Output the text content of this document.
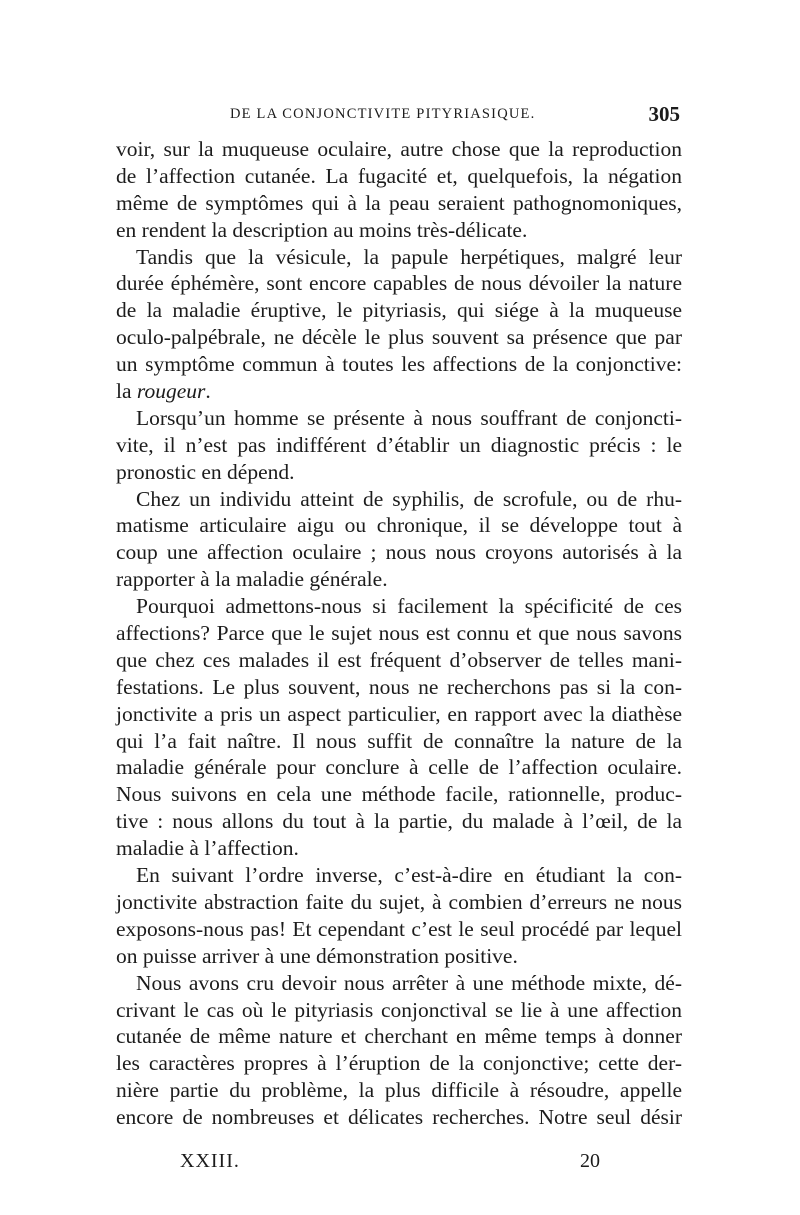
DE LA CONJONCTIVITE PITYRIASIQUE.	305
voir, sur la muqueuse oculaire, autre chose que la reproduction
de l’affection cutanée. La fugacité et, quelquefois, la négation
même de symptômes qui à la peau seraient pathognomoniques,
en rendent la description au moins très-délicate.
Tandis que la vésicule, la papule herpétiques, malgré leur
durée éphémère, sont encore capables de nous dévoiler la nature
de la maladie éruptive, le pityriasis, qui siége à la muqueuse
oculo-palpébrale, ne décèle le plus souvent sa présence que par
un symptôme commun à toutes les affections de la conjonctive:
la rougeur.
Lorsqu’un homme se présente à nous souffrant de conjoncti-
vite, il n’est pas indifférent d’établir un diagnostic précis : le
pronostic en dépend.
Chez un individu atteint de syphilis, de scrofule, ou de rhu-
matisme articulaire aigu ou chronique, il se développe tout à
coup une affection oculaire ; nous nous croyons autorisés à la
rapporter à la maladie générale.
Pourquoi admettons-nous si facilement la spécificité de ces
affections? Parce que le sujet nous est connu et que nous savons
que chez ces malades il est fréquent d’observer de telles mani-
festations. Le plus souvent, nous ne recherchons pas si la con-
jonctivite a pris un aspect particulier, en rapport avec la diathèse
qui l’a fait naître. Il nous suffit de connaître la nature de la
maladie générale pour conclure à celle de l’affection oculaire.
Nous suivons en cela une méthode facile, rationnelle, produc-
tive : nous allons du tout à la partie, du malade à l’œil, de la
maladie à l’affection.
En suivant l’ordre inverse, c’est-à-dire en étudiant la con-
jonctivite abstraction faite du sujet, à combien d’erreurs ne nous
exposons-nous pas! Et cependant c’est le seul procédé par lequel
on puisse arriver à une démonstration positive.
Nous avons cru devoir nous arrêter à une méthode mixte, dé-
crivant le cas où le pityriasis conjonctival se lie à une affection
cutanée de même nature et cherchant en même temps à donner
les caractères propres à l’éruption de la conjonctive; cette der-
nière partie du problème, la plus difficile à résoudre, appelle
encore de nombreuses et délicates recherches. Notre seul désir
XXIII.	20
